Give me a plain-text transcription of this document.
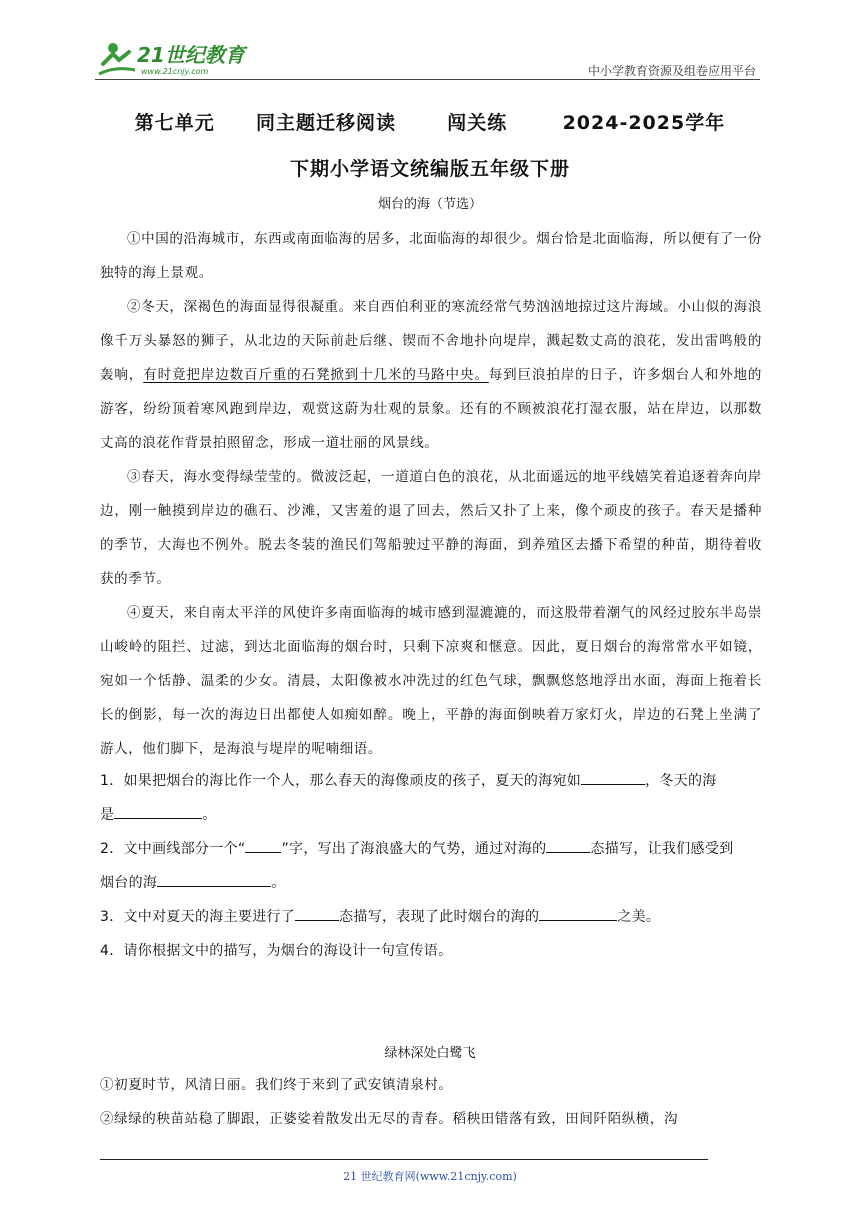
21世纪教育
www.21cnjy.com	中小学教育资源及组卷应用平台
第七单元 同主题迁移阅读	闯关练	2024-2025学年
下期小学语文统编版五年级下册
烟台的海（节选）
①中国的沿海城市，东西或南面临海的居多，北面临海的却很少。烟台恰是北面临海，所以便有了一份独特的海上景观。
②冬天，深褐色的海面显得很凝重。来自西伯利亚的寒流经常气势汹汹地掠过这片海域。小山似的海浪像千万头暴怒的狮子，从北边的天际前赴后继、锲而不舍地扑向堤岸，溅起数丈高的浪花，发出雷鸣般的轰响，有时竟把岸边数百斤重的石凳掀到十几米的马路中央。每到巨浪拍岸的日子，许多烟台人和外地的游客，纷纷顶着寒风跑到岸边，观赏这蔚为壮观的景象。还有的不顾被浪花打湿衣服，站在岸边，以那数丈高的浪花作背景拍照留念，形成一道壮丽的风景线。
③春天，海水变得绿莹莹的。微波泛起，一道道白色的浪花，从北面遥远的地平线嬉笑着追逐着奔向岸边，刚一触摸到岸边的礁石、沙滩，又害羞的退了回去，然后又扑了上来，像个顽皮的孩子。春天是播种的季节，大海也不例外。脱去冬装的渔民们驾船驶过平静的海面，到养殖区去播下希望的种苗，期待着收获的季节。
④夏天，来自南太平洋的风使许多南面临海的城市感到湿漉漉的，而这股带着潮气的风经过胶东半岛崇山峻岭的阻拦、过滤，到达北面临海的烟台时，只剩下凉爽和惬意。因此，夏日烟台的海常常水平如镜，宛如一个恬静、温柔的少女。清晨，太阳像被水冲洗过的红色气球，飘飘悠悠地浮出水面，海面上拖着长长的倒影，每一次的海边日出都使人如痴如醉。晚上，平静的海面倒映着万家灯火，岸边的石凳上坐满了游人，他们脚下，是海浪与堤岸的呢喃细语。
1．如果把烟台的海比作一个人，那么春天的海像顽皮的孩子，夏天的海宛如	，冬天的海
是	。
2．文中画线部分一个“	”字，写出了海浪盛大的气势，通过对海的	态描写，让我们感受到
烟台的海	。
3．文中对夏天的海主要进行了	态描写，表现了此时烟台的海的	之美。
4．请你根据文中的描写，为烟台的海设计一句宣传语。
绿林深处白鹭飞
①初夏时节，风清日丽。我们终于来到了武安镇清泉村。
②绿绿的秧苗站稳了脚跟，正婆娑着散发出无尽的青春。稻秧田错落有致，田间阡陌纵横，沟
21 世纪教育网(www.21cnjy.com)
